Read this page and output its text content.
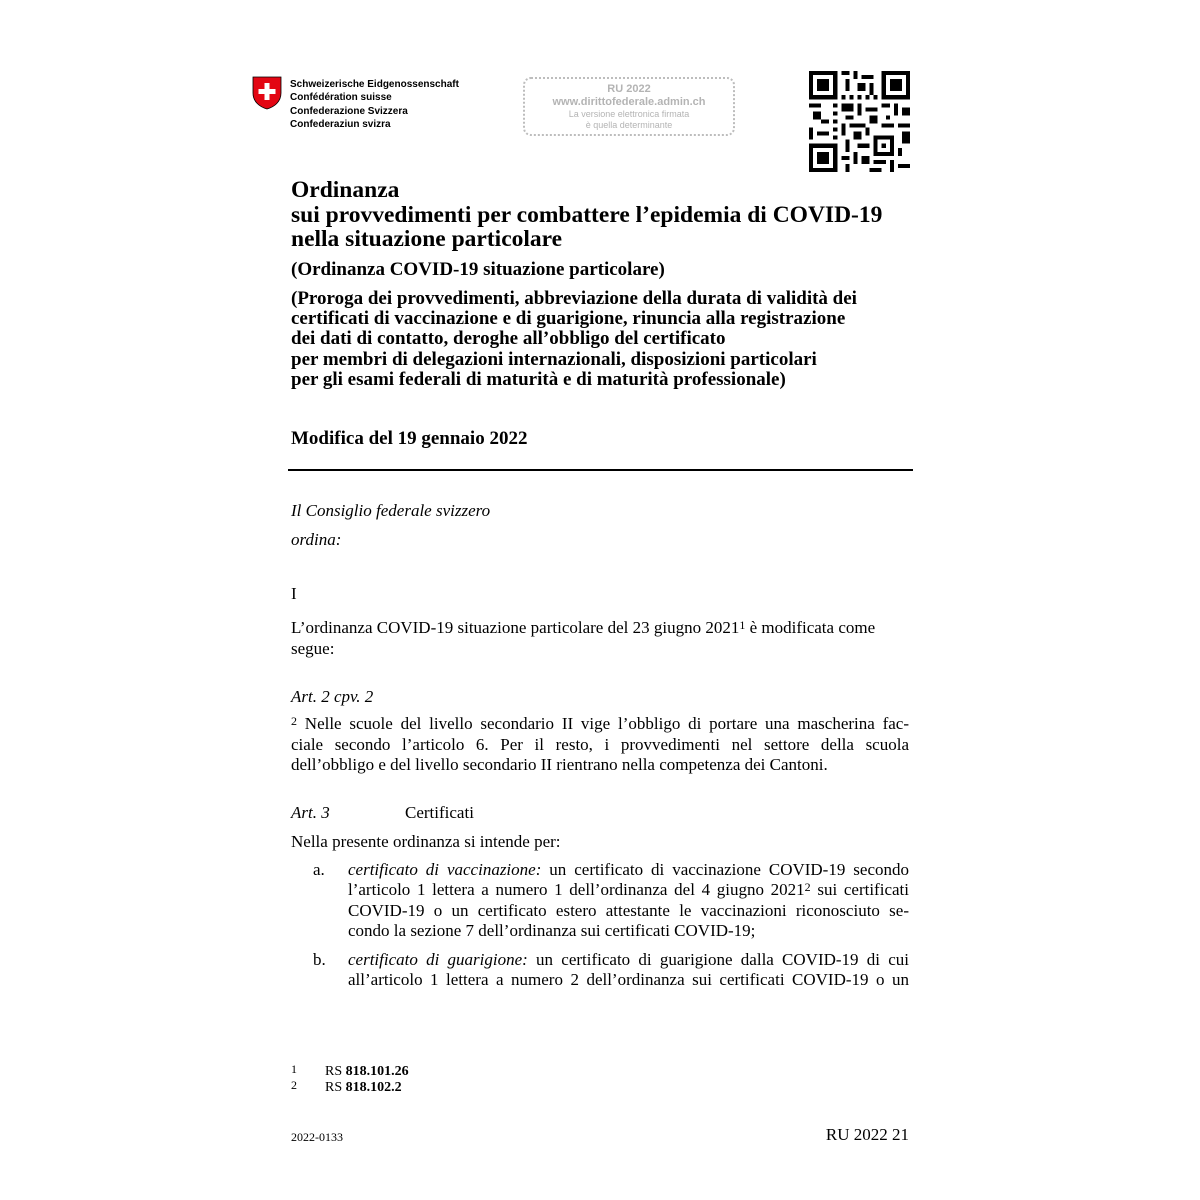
Schweizerische Eidgenossenschaft
Confédération suisse
Confederazione Svizzera
Confederaziun svizra
RU 2022
www.dirittofederale.admin.ch
La versione elettronica firmata
è quella determinante
Ordinanza
sui provvedimenti per combattere l’epidemia di COVID-19
nella situazione particolare
(Ordinanza COVID-19 situazione particolare)
(Proroga dei provvedimenti, abbreviazione della durata di validità dei
certificati di vaccinazione e di guarigione, rinuncia alla registrazione
dei dati di contatto, deroghe all’obbligo del certificato
per membri di delegazioni internazionali, disposizioni particolari
per gli esami federali di maturità e di maturità professionale)
Modifica del 19 gennaio 2022
Il Consiglio federale svizzero
ordina:
I
L’ordinanza COVID-19 situazione particolare del 23 giugno 2021$^1$ è modificata come
segue:
Art. 2 cpv. 2
$^2$ Nelle scuole del livello secondario II vige l’obbligo di portare una mascherina fac-
ciale secondo l’articolo 6. Per il resto, i provvedimenti nel settore della scuola
dell’obbligo e del livello secondario II rientrano nella competenza dei Cantoni.
Art. 3	Certificati
Nella presente ordinanza si intende per:
a. certificato di vaccinazione: un certificato di vaccinazione COVID-19 secondo
l’articolo 1 lettera a numero 1 dell’ordinanza del 4 giugno 2021$^2$ sui certificati
COVID-19 o un certificato estero attestante le vaccinazioni riconosciuto se-
condo la sezione 7 dell’ordinanza sui certificati COVID-19;
b. certificato di guarigione: un certificato di guarigione dalla COVID-19 di cui
all’articolo 1 lettera a numero 2 dell’ordinanza sui certificati COVID-19 o un
1 RS 818.101.26
2 RS 818.102.2
2022-0133	RU 2022 21
